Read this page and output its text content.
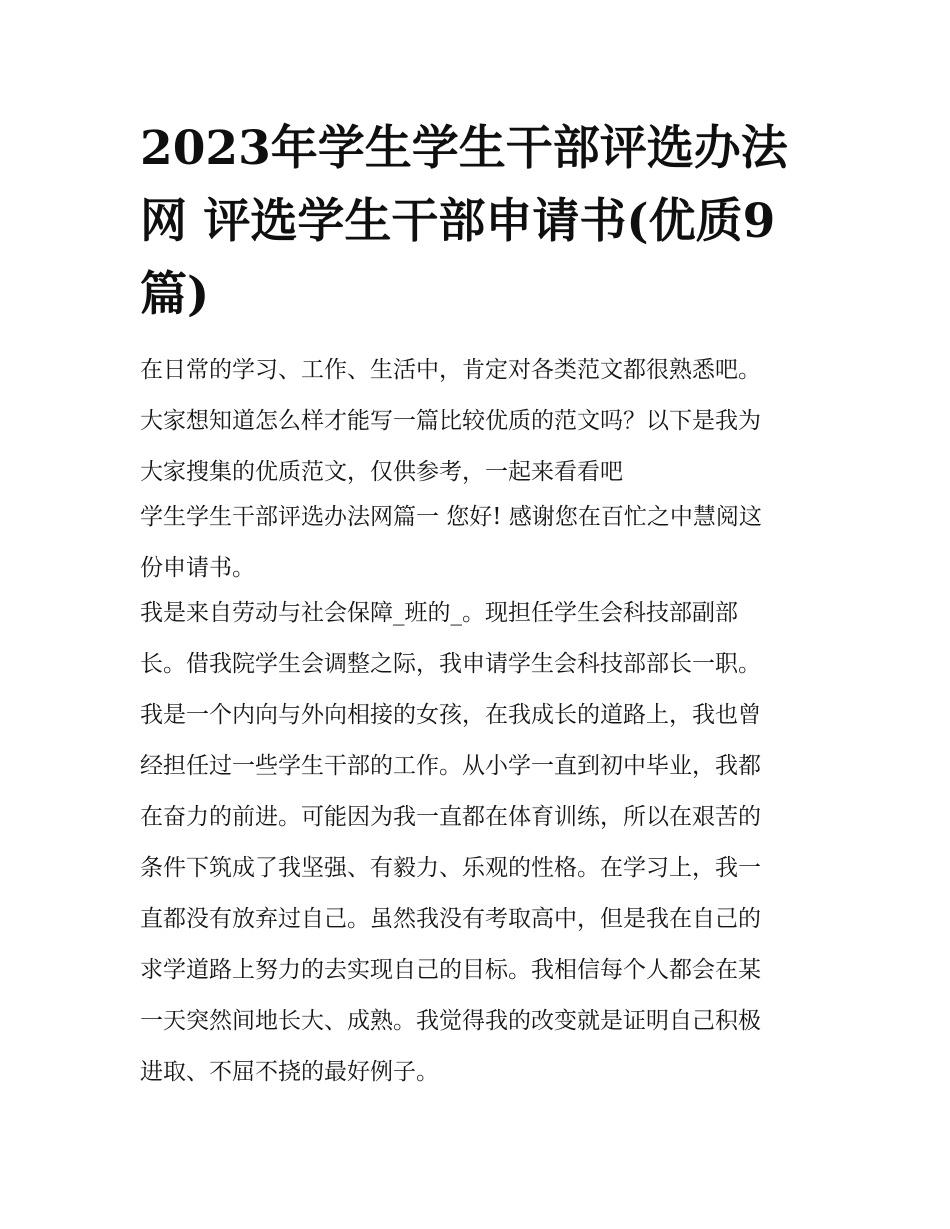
2023年学生学生干部评选办法
网 评选学生干部申请书(优质9
篇)
在日常的学习、工作、生活中，肯定对各类范文都很熟悉吧。
大家想知道怎么样才能写一篇比较优质的范文吗？以下是我为
大家搜集的优质范文，仅供参考，一起来看看吧
学生学生干部评选办法网篇一 您好! 感谢您在百忙之中慧阅这
份申请书。
我是来自劳动与社会保障_班的_。现担任学生会科技部副部
长。借我院学生会调整之际，我申请学生会科技部部长一职。
我是一个内向与外向相接的女孩，在我成长的道路上，我也曾
经担任过一些学生干部的工作。从小学一直到初中毕业，我都
在奋力的前进。可能因为我一直都在体育训练，所以在艰苦的
条件下筑成了我坚强、有毅力、乐观的性格。在学习上，我一
直都没有放弃过自己。虽然我没有考取高中，但是我在自己的
求学道路上努力的去实现自己的目标。我相信每个人都会在某
一天突然间地长大、成熟。我觉得我的改变就是证明自己积极
进取、不屈不挠的最好例子。
